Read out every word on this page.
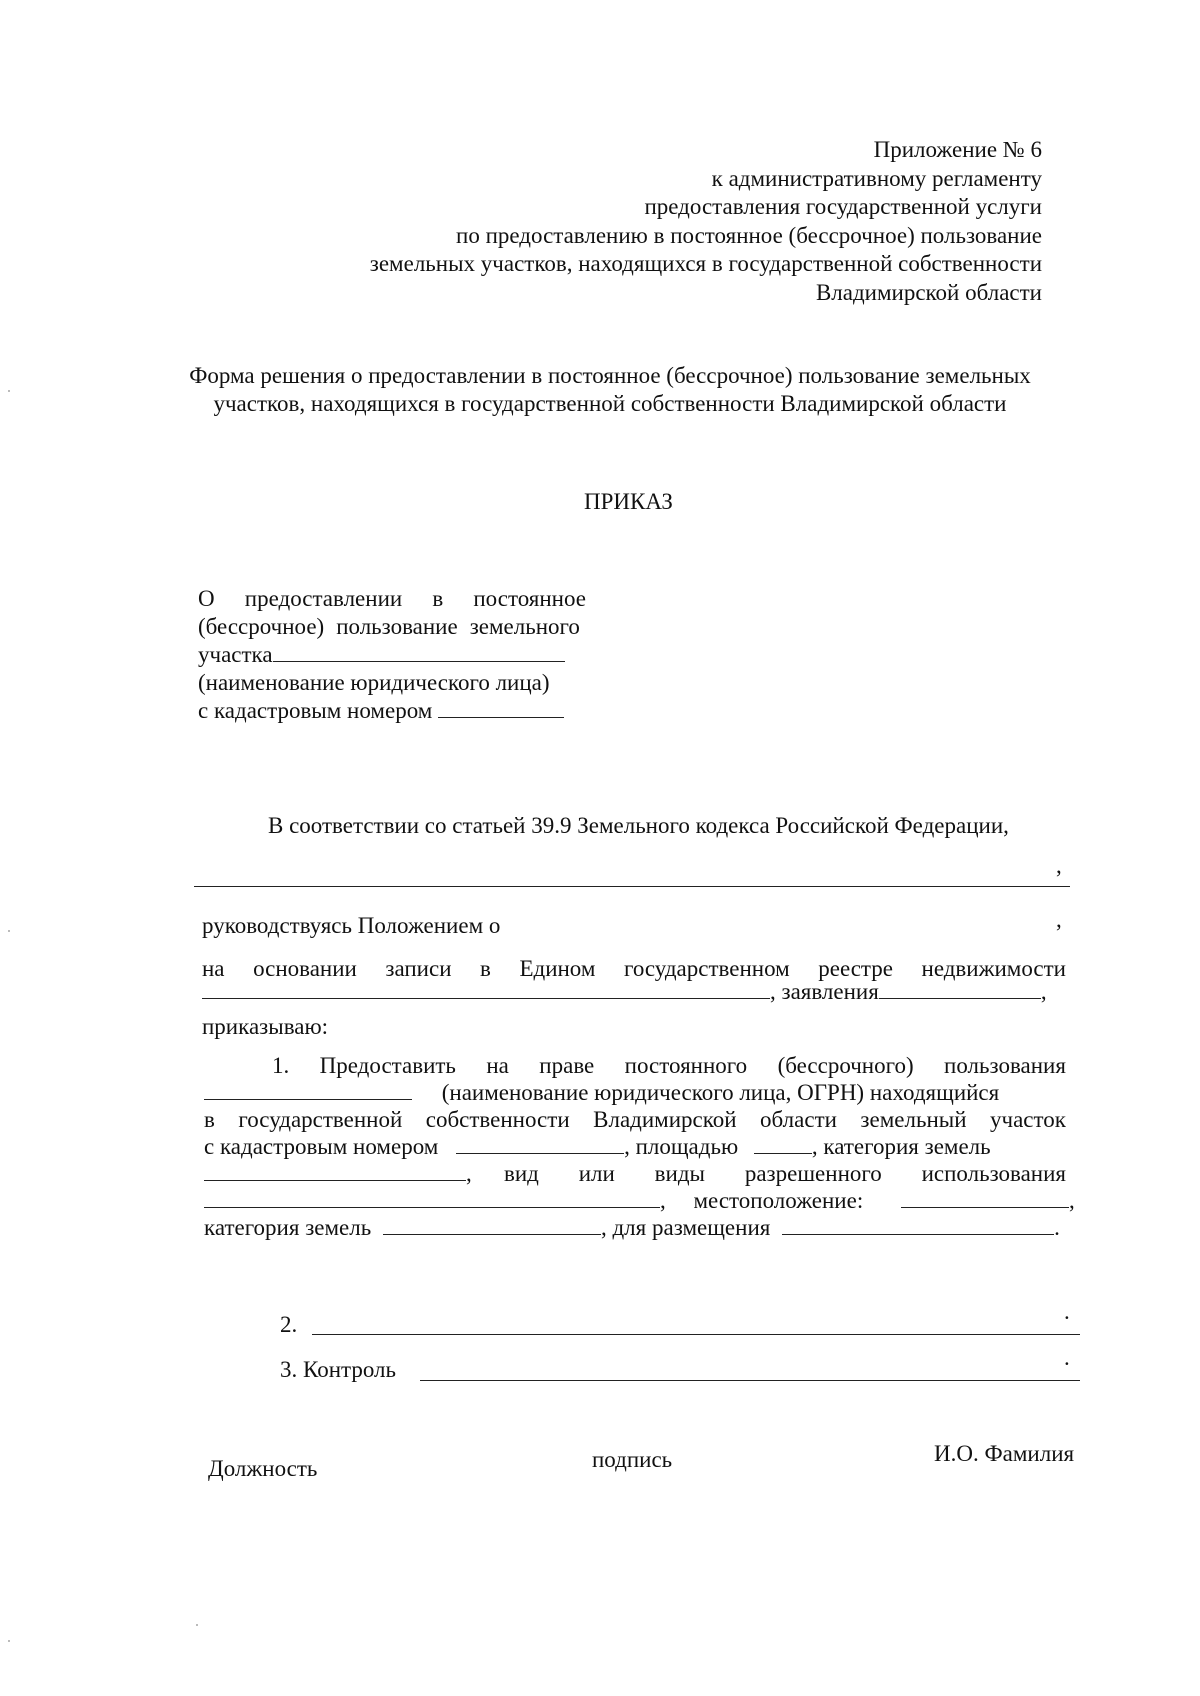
Приложение № 6
к административному регламенту
предоставления государственной услуги
по предоставлению в постоянное (бессрочное) пользование
земельных участков, находящихся в государственной собственности
Владимирской области
Форма решения о предоставлении в постоянное (бессрочное) пользование земельных
участков, находящихся в государственной собственности Владимирской области
ПРИКАЗ
О предоставлении в постоянное
(бессрочное) пользование земельного
участка
(наименование юридического лица)
с кадастровым номером
В соответствии со статьей 39.9 Земельного кодекса Российской Федерации,
,
руководствуясь Положением о	,
на основании записи в Едином государственном реестре недвижимости
, заявления	,
приказываю:
1. Предоставить на праве постоянного (бессрочного) пользования
(наименование юридического лица, ОГРН) находящийся
в государственной собственности Владимирской области земельный участок
с кадастровым номером	, площадью	, категория земель
, вид или виды разрешенного использования
, местоположение:	,
категория земель	, для размещения	.
2.
.
3. Контроль	.
Должность	подпись	И.О. Фамилия
